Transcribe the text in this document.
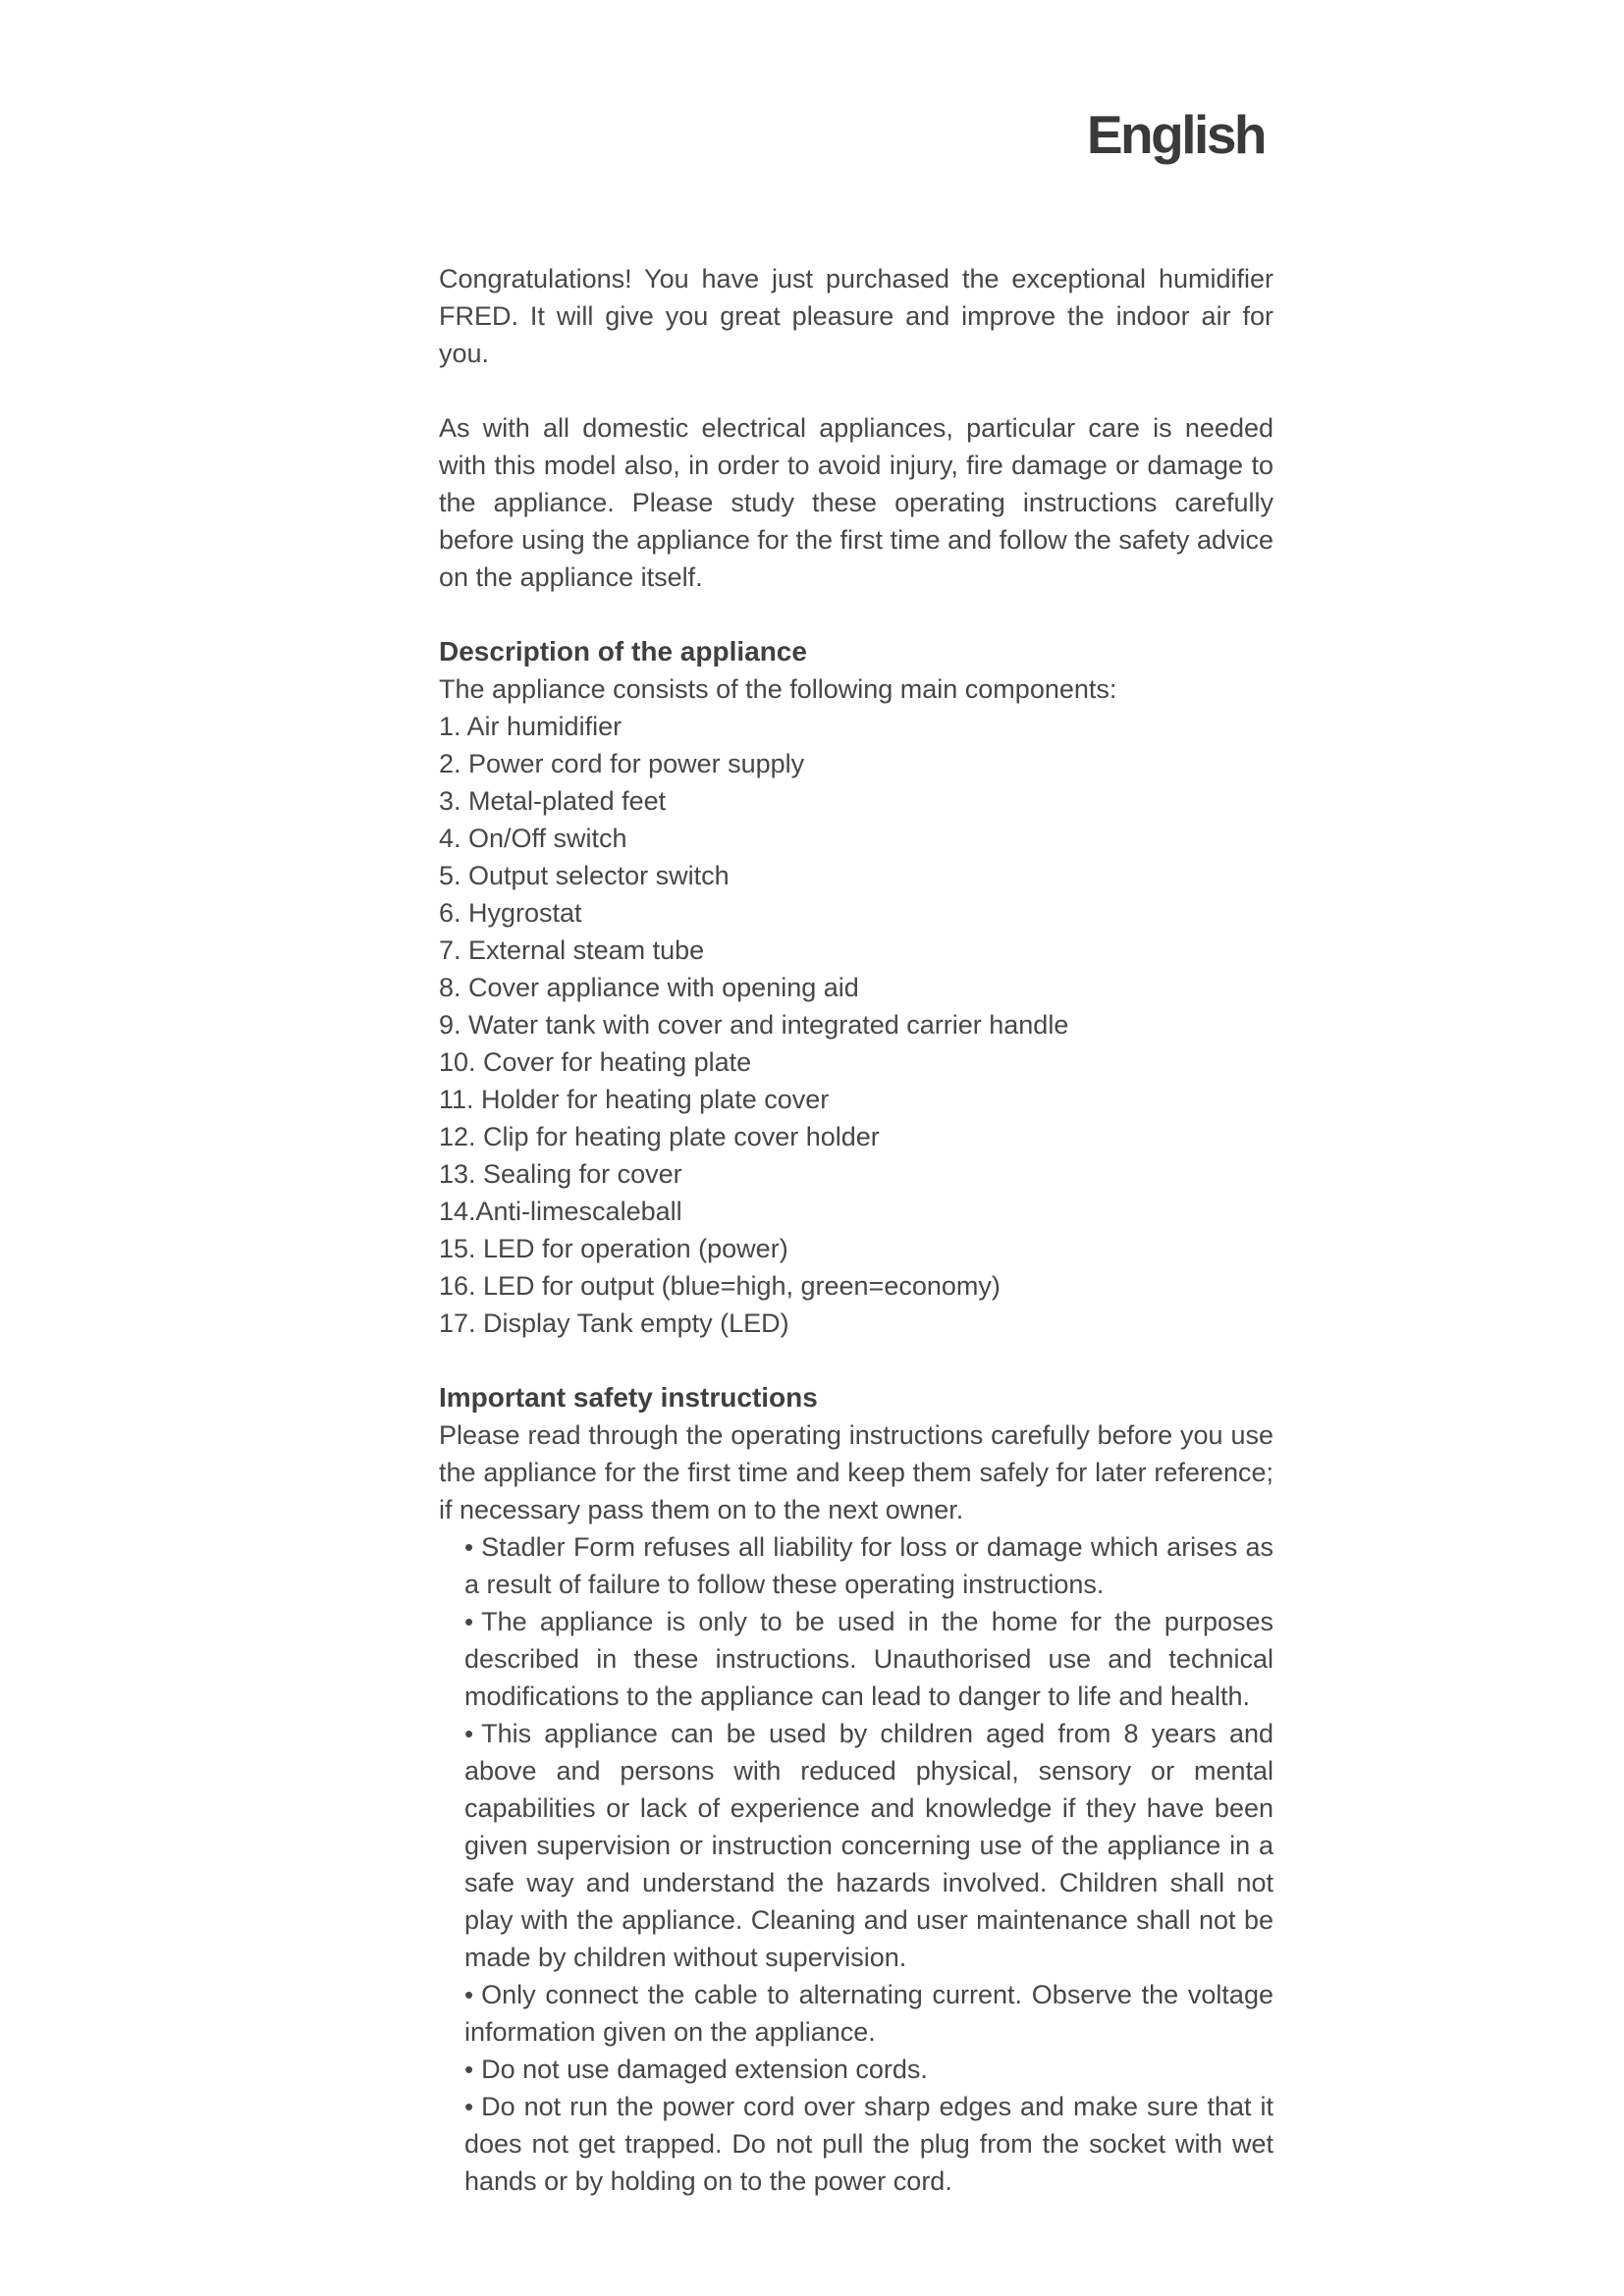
English

Congratulations! You have just purchased the exceptional humidifier FRED. It will give you great pleasure and improve the indoor air for you.

As with all domestic electrical appliances, particular care is needed with this model also, in order to avoid injury, fire damage or damage to the appliance. Please study these operating instructions carefully before using the appliance for the first time and follow the safety advice on the appliance itself.

Description of the appliance

The appliance consists of the following main components:

1. Air humidifier
2. Power cord for power supply
3. Metal-plated feet
4. On/Off switch
5. Output selector switch
6. Hygrostat
7. External steam tube
8. Cover appliance with opening aid
9. Water tank with cover and integrated carrier handle
10. Cover for heating plate
11. Holder for heating plate cover
12. Clip for heating plate cover holder
13. Sealing for cover
14.Anti-limescaleball
15. LED for operation (power)
16. LED for output (blue=high, green=economy)
17. Display Tank empty (LED)
Important safety instructions

Please read through the operating instructions carefully before you use the appliance for the first time and keep them safely for later reference; if necessary pass them on to the next owner.

• Stadler Form refuses all liability for loss or damage which arises as a result of failure to follow these operating instructions.
• The appliance is only to be used in the home for the purposes described in these instructions. Unauthorised use and technical modifications to the appliance can lead to danger to life and health.
• This appliance can be used by children aged from 8 years and above and persons with reduced physical, sensory or mental capabilities or lack of experience and knowledge if they have been given supervision or instruction concerning use of the appliance in a safe way and understand the hazards involved. Children shall not play with the appliance. Cleaning and user maintenance shall not be made by children without supervision.
• Only connect the cable to alternating current. Observe the voltage information given on the appliance.
• Do not use damaged extension cords.
• Do not run the power cord over sharp edges and make sure that it does not get trapped. Do not pull the plug from the socket with wet hands or by holding on to the power cord.
